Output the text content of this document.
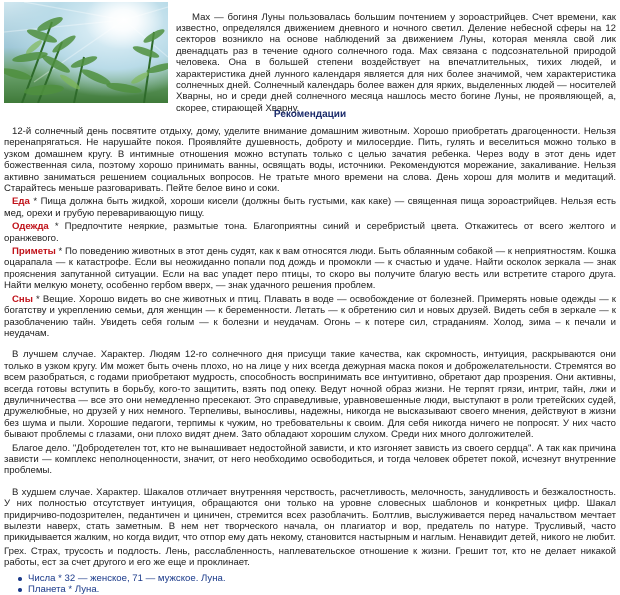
Мах — богиня Луны пользовалась большим почтением у зороастрийцев. Счет времени, как известно, определялся движением дневного и ночного светил. Деление небесной сферы на 12 секторов возникло на основе наблюдений за движением Луны, которая меняла свой лик двенадцать раз в течение одного солнечного года. Мах связана с подсознательной природой человека. Она в большей степени воздействует на впечатлительных, тихих людей, и характеристика дней лунного календаря является для них более значимой, чем характеристика солнечных дней. Солнечный календарь более важен для ярких, выделенных людей — носителей Хварны, но и среди дней солнечного месяца нашлось место богине Луны, не проявляющей, а, скорее, стирающей Хварну.

Рекомендации

12-й солнечный день посвятите отдыху, дому, уделите внимание домашним животным. Хорошо приобретать драгоценности. Нельзя перенапрягаться. Не нарушайте покоя. Проявляйте душевность, доброту и милосердие. Пить, гулять и веселиться можно только в узком домашнем кругу. В интимные отношения можно вступать только с целью зачатия ребенка. Через воду в этот день идет божественная сила, поэтому хорошо принимать ванны, освящать воды, источники. Рекомендуются морежание, закаливание. Нельзя активно заниматься решением социальных вопросов. Не тратьте много времени на слова. День хорош для молитв и медитаций. Старайтесь меньше разговаривать. Пейте белое вино и соки.

Еда * Пища должна быть жидкой, хороши кисели (должны быть густыми, как каке) — священная пища зороастрийцев. Нельзя есть мед, орехи и грубую переваривающую пищу.

Одежда * Предпочтите неяркие, размытые тона. Благоприятны синий и серебристый цвета. Откажитесь от всего желтого и оранжевого.

Приметы * По поведению животных в этот день судят, как к вам относятся люди. Быть облаянным собакой — к неприятностям. Кошка оцарапала — к катастрофе. Если вы неожиданно попали под дождь и промокли — к счастью и удаче. Найти осколок зеркала — знак прояснения запутанной ситуации. Если на вас упадет перо птицы, то скоро вы получите благую весть или встретите старого друга. Найти мелкую монету, особенно гербом вверх, — знак удачного решения проблем.

Сны * Вещие. Хорошо видеть во сне животных и птиц. Плавать в воде — освобождение от болезней. Примерять новые одежды — к богатству и укреплению семьи, для женщин — к беременности. Летать — к обретению сил и новых друзей. Видеть себя в зеркале — к разоблачению тайн. Увидеть себя голым — к болезни и неудачам. Огонь – к потере сил, страданиям. Холод, зима – к печали и неудачам.

В лучшем случае. Характер. Людям 12-го солнечного дня присущи такие качества, как скромность, интуиция, раскрываются они только в узком кругу. Им может быть очень плохо, но на лице у них всегда дежурная маска покоя и доброжелательности. Стремятся во всем разобраться, с годами приобретают мудрость, способность воспринимать все интуитивно, обретают дар прозрения. Они активны, всегда готовы вступить в борьбу, кого-то защитить, взять под опеку. Ведут ночной образ жизни. Не терпят грязи, интриг, тайн, лжи и двуличничества — все это они немедленно пресекают. Это справедливые, уравновешенные люди, выступают в роли третейских судей, дружелюбные, но друзей у них немного. Терпеливы, выносливы, надежны, никогда не высказывают своего мнения, действуют в жизни без шума и пыли. Хорошие педагоги, терпимы к чужим, но требовательны к своим. Для себя никогда ничего не попросят. У них часто бывают проблемы с глазами, они плохо видят днем. Зато обладают хорошим слухом. Среди них много долгожителей.

Благое дело. "Добродетелен тот, кто не вынашивает недостойной зависти, и кто изгоняет зависть из своего сердца". А так как причина зависти — комплекс неполноценности, значит, от него необходимо освободиться, и тогда человек обретет покой, исчезнут внутренние проблемы.

В худшем случае. Характер. Шакалов отличает внутренняя черствость, расчетливость, мелочность, занудливость и безжалостность. У них полностью отсутствует интуиция, обращаются они только на уровне словесных шаблонов и конкретных цифр. Шакал придирчиво-подозрителен, педантичен и циничен, стремится всех разоблачить. Болтлив, выслуживается перед начальством мечтает вылезти наверх, стать заметным. В нем нет творческого начала, он плагиатор и вор, предатель по натуре. Трусливый, часто прикидывается жалким, но когда видит, что отпор ему дать некому, становится настырным и наглым. Ненавидит детей, никого не любит.

Грех. Страх, трусость и подлость. Лень, расслабленность, наплевательское отношение к жизни. Грешит тот, кто не делает никакой работы, ест за счет другого и его же еще и проклинает.

Числа * 32 — женское, 71 — мужское. Луна.
Планета * Луна.
